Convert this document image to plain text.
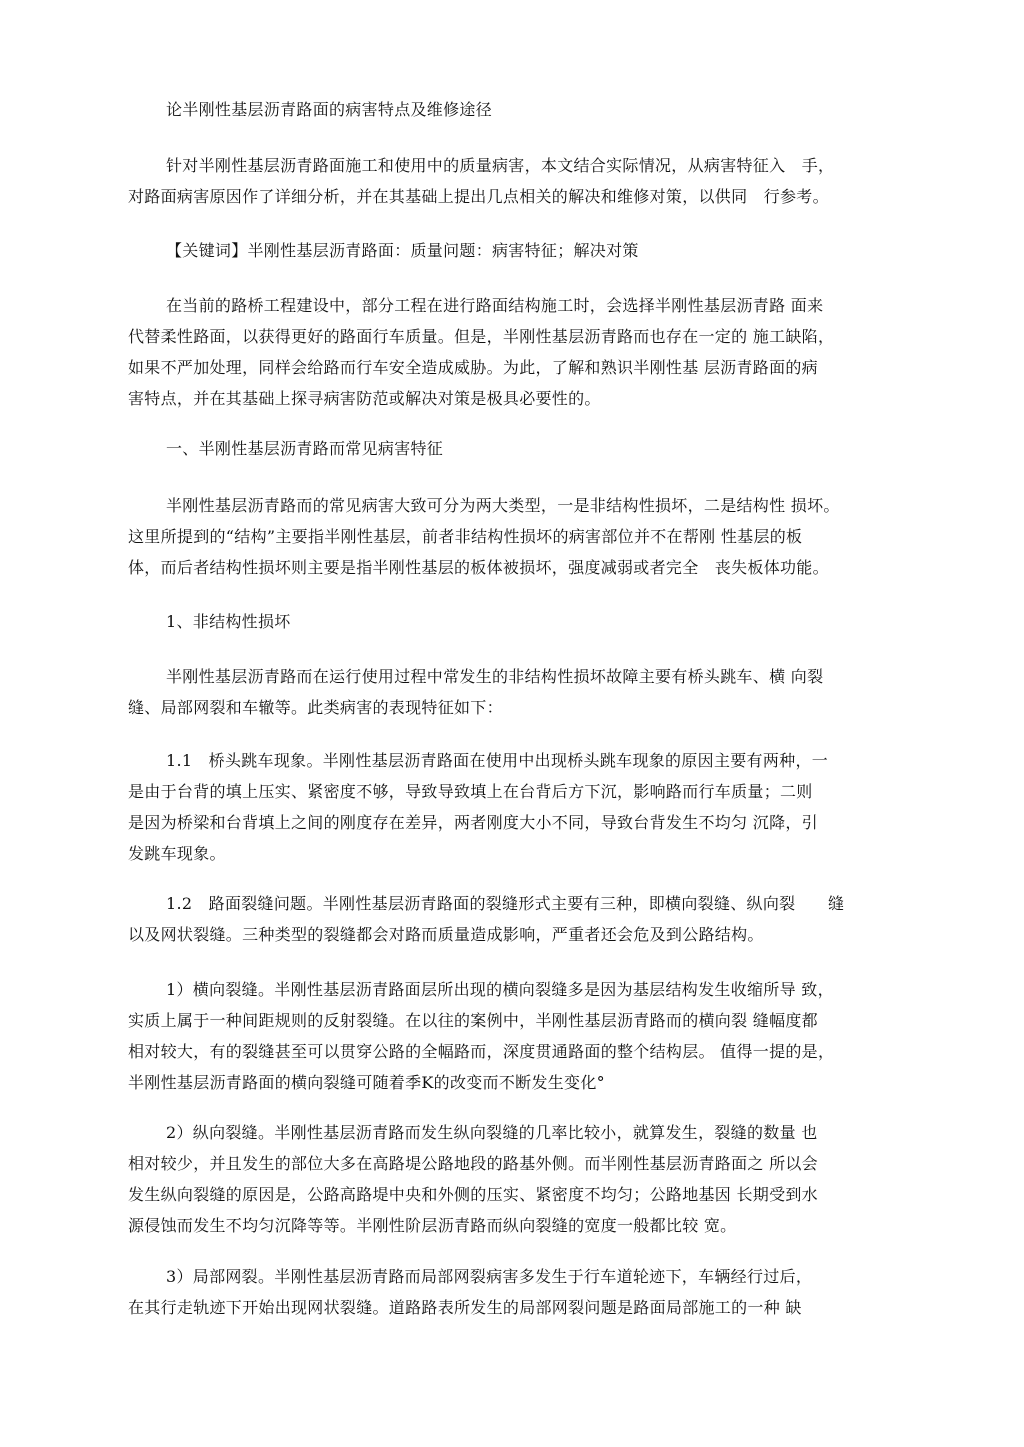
论半刚性基层沥青路面的病害特点及维修途径

针对半刚性基层沥青路面施工和使用中的质量病害，本文结合实际情况，从病害特征入　手，
对路面病害原因作了详细分析，并在其基础上提出几点相关的解决和维修对策，以供同　行参考。

【关键词】半刚性基层沥青路面：质量问题：病害特征；解决对策

在当前的路桥工程建设中，部分工程在进行路面结构施工时，会选择半刚性基层沥青路 面来
代替柔性路面，以获得更好的路面行车质量。但是，半刚性基层沥青路而也存在一定的 施工缺陷，
如果不严加处理，同样会给路而行车安全造成威胁。为此，了解和熟识半刚性基 层沥青路面的病
害特点，并在其基础上探寻病害防范或解决对策是极具必要性的。

一、半刚性基层沥青路而常见病害特征

半刚性基层沥青路而的常见病害大致可分为两大类型，一是非结构性损坏，二是结构性 损坏。
这里所提到的“结构”主要指半刚性基层，前者非结构性损坏的病害部位并不在帮刚 性基层的板
体，而后者结构性损坏则主要是指半刚性基层的板体被损坏，强度减弱或者完全　丧失板体功能。

1、非结构性损坏

半刚性基层沥青路而在运行使用过程中常发生的非结构性损坏故障主要有桥头跳车、横 向裂
缝、局部网裂和车辙等。此类病害的表现特征如下：

1.1　桥头跳车现象。半刚性基层沥青路面在使用中出现桥头跳车现象的原因主要有两种，一
是由于台背的填上压实、紧密度不够，导致导致填上在台背后方下沉，影响路而行车质量；二则
是因为桥梁和台背填上之间的刚度存在差异，两者刚度大小不同，导致台背发生不均匀 沉降，引
发跳车现象。

1.2　路面裂缝问题。半刚性基层沥青路面的裂缝形式主要有三种，即横向裂缝、纵向裂　　缝
以及网状裂缝。三种类型的裂缝都会对路而质量造成影响，严重者还会危及到公路结构。

1）横向裂缝。半刚性基层沥青路面层所出现的横向裂缝多是因为基层结构发生收缩所导 致，
实质上属于一种间距规则的反射裂缝。在以往的案例中，半刚性基层沥青路而的横向裂 缝幅度都
相对较大，有的裂缝甚至可以贯穿公路的全幅路而，深度贯通路面的整个结构层。 值得一提的是，
半刚性基层沥青路面的横向裂缝可随着季K的改变而不断发生变化°

2）纵向裂缝。半刚性基层沥青路而发生纵向裂缝的几率比较小，就算发生，裂缝的数量 也
相对较少，并且发生的部位大多在高路堤公路地段的路基外侧。而半刚性基层沥青路面之 所以会
发生纵向裂缝的原因是，公路高路堤中央和外侧的压实、紧密度不均匀；公路地基因 长期受到水
源侵蚀而发生不均匀沉降等等。半刚性阶层沥青路而纵向裂缝的宽度一般都比较 宽。

3）局部网裂。半刚性基层沥青路而局部网裂病害多发生于行车道轮迹下，车辆经行过后，
在其行走轨迹下开始出现网状裂缝。道路路表所发生的局部网裂问题是路面局部施工的一种 缺
